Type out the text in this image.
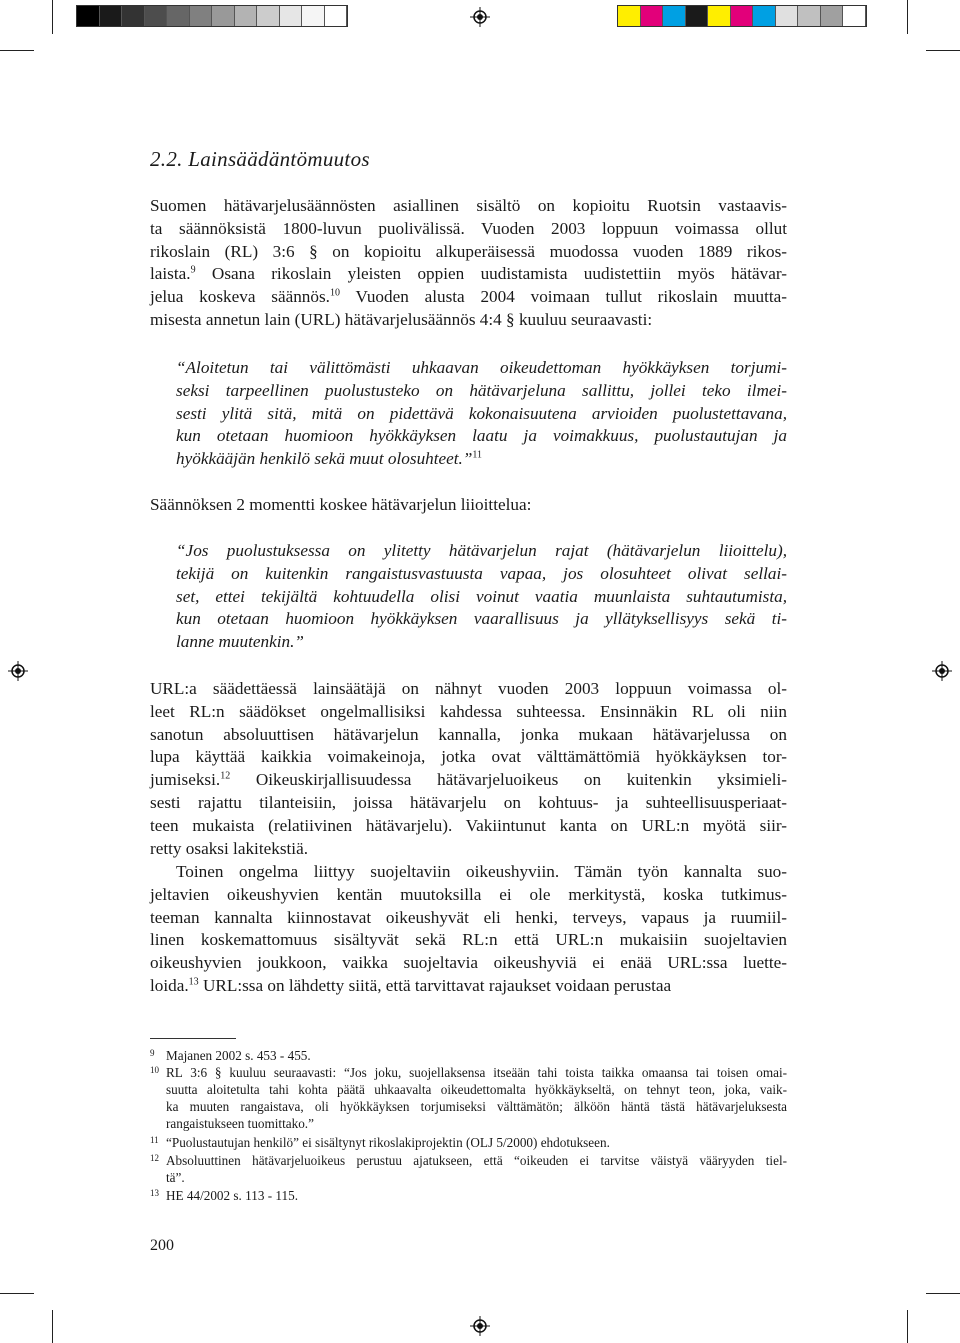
2.2. Lainsäädäntömuutos
Suomen hätävarjelusäännösten asiallinen sisältö on kopioitu Ruotsin vastaavis-
ta säännöksistä 1800-luvun puolivälissä. Vuoden 2003 loppuun voimassa ollut
rikoslain (RL) 3:6 § on kopioitu alkuperäisessä muodossa vuoden 1889 rikos-
laista.$^9$ Osana rikoslain yleisten oppien uudistamista uudistettiin myös hätävar-
jelua koskeva säännös.$^{10}$ Vuoden alusta 2004 voimaan tullut rikoslain muutta-
misesta annetun lain (URL) hätävarjelusäännös 4:4 § kuuluu seuraavasti:
“Aloitetun tai välittömästi uhkaavan oikeudettoman hyökkäyksen torjumi-
seksi tarpeellinen puolustusteko on hätävarjeluna sallittu, jollei teko ilmei-
sesti ylitä sitä, mitä on pidettävä kokonaisuutena arvioiden puolustettavana,
kun otetaan huomioon hyökkäyksen laatu ja voimakkuus, puolustautujan ja
hyökkääjän henkilö sekä muut olosuhteet.”$^{11}$
Säännöksen 2 momentti koskee hätävarjelun liioittelua:
“Jos puolustuksessa on ylitetty hätävarjelun rajat (hätävarjelun liioittelu),
tekijä on kuitenkin rangaistusvastuusta vapaa, jos olosuhteet olivat sellai-
set, ettei tekijältä kohtuudella olisi voinut vaatia muunlaista suhtautumista,
kun otetaan huomioon hyökkäyksen vaarallisuus ja yllätyksellisyys sekä ti-
lanne muutenkin.”
URL:a säädettäessä lainsäätäjä on nähnyt vuoden 2003 loppuun voimassa ol-
leet RL:n säädökset ongelmallisiksi kahdessa suhteessa. Ensinnäkin RL oli niin
sanotun absoluuttisen hätävarjelun kannalla, jonka mukaan hätävarjelussa on
lupa käyttää kaikkia voimakeinoja, jotka ovat välttämättömiä hyökkäyksen tor-
jumiseksi.$^{12}$ Oikeuskirjallisuudessa hätävarjeluoikeus on kuitenkin yksimieli-
sesti rajattu tilanteisiin, joissa hätävarjelu on kohtuus- ja suhteellisuusperiaat-
teen mukaista (relatiivinen hätävarjelu). Vakiintunut kanta on URL:n myötä siir-
retty osaksi lakitekstiä.
Toinen ongelma liittyy suojeltaviin oikeushyviin. Tämän työn kannalta suo-
jeltavien oikeushyvien kentän muutoksilla ei ole merkitystä, koska tutkimus-
teeman kannalta kiinnostavat oikeushyvät eli henki, terveys, vapaus ja ruumiil-
linen koskemattomuus sisältyvät sekä RL:n että URL:n mukaisiin suojeltavien
oikeushyvien joukkoon, vaikka suojeltavia oikeushyviä ei enää URL:ssa luette-
loida.$^{13}$ URL:ssa on lähdetty siitä, että tarvittavat rajaukset voidaan perustaa
9 Majanen 2002 s. 453 - 455.
10 RL 3:6 § kuuluu seuraavasti: “Jos joku, suojellaksensa itseään tahi toista taikka omaansa tai toisen omai-
suutta aloitetulta tahi kohta päätä uhkaavalta oikeudettomalta hyökkäykseltä, on tehnyt teon, joka, vaik-
ka muuten rangaistava, oli hyökkäyksen torjumiseksi välttämätön; älköön häntä tästä hätävarjeluksesta
rangaistukseen tuomittako.”
11 “Puolustautujan henkilö” ei sisältynyt rikoslakiprojektin (OLJ 5/2000) ehdotukseen.
12 Absoluuttinen hätävarjeluoikeus perustuu ajatukseen, että “oikeuden ei tarvitse väistyä vääryyden tiel-
tä”.
13 HE 44/2002 s. 113 - 115.
200
